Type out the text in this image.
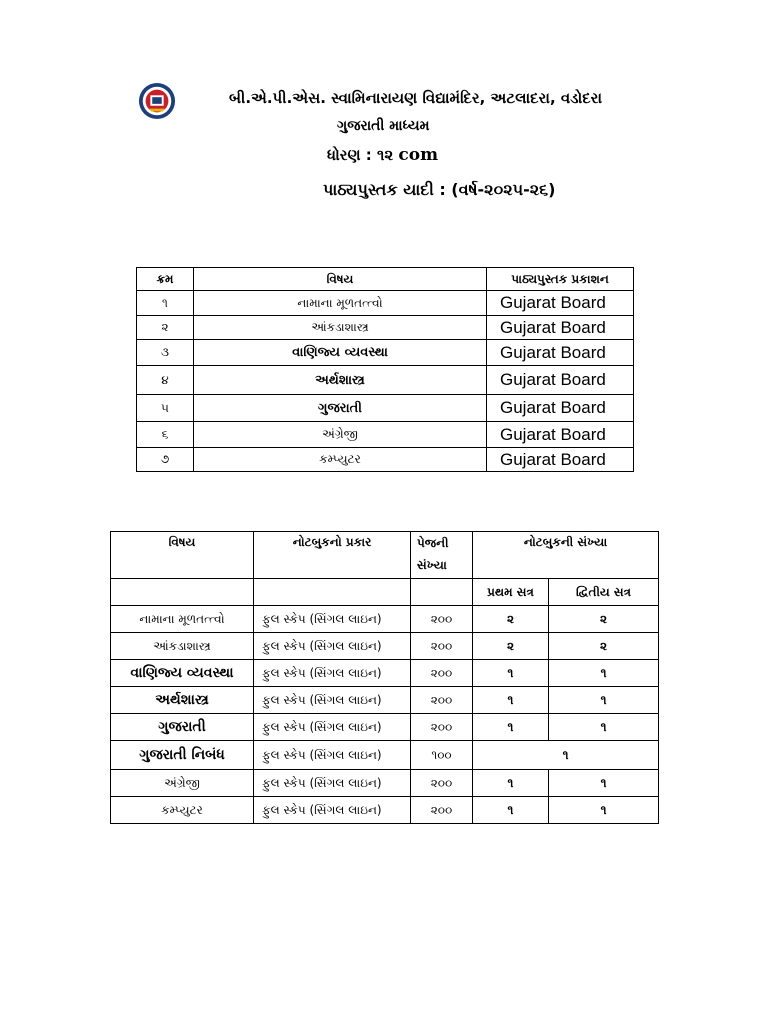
બી.એ.પી.એસ. સ્વામિનારાયણ વિદ્યામંદિર, અટલાદરા, વડોદરા
ગુજરાતી માધ્યમ
ધોરણ : ૧૨ com
પાઠ્યપુસ્તક યાદી : (વર્ષ-૨૦૨૫-૨૬)
ક્રમ	વિષય	પાઠ્યપુસ્તક પ્રકાશન
૧	નામાના મૂળતત્ત્વો	Gujarat Board
૨	આંકડાશાસ્ત્ર	Gujarat Board
૩	વાણિજ્ય વ્યવસ્થા	Gujarat Board
૪	અર્થશાસ્ત્ર	Gujarat Board
૫	ગુજરાતી	Gujarat Board
૬	અંગ્રેજી	Gujarat Board
૭	કમ્પ્યુટર	Gujarat Board
વિષય	નોટબુકનો પ્રકાર	પેજની સંખ્યા	નોટબુકની સંખ્યા	
			પ્રથમ સત્ર	દ્વિતીય સત્ર
નામાના મૂળતત્ત્વો	ફુલ સ્કેપ (સિંગલ લાઇન)	૨૦૦	૨	૨
આંકડાશાસ્ત્ર	ફુલ સ્કેપ (સિંગલ લાઇન)	૨૦૦	૨	૨
વાણિજ્ય વ્યવસ્થા	ફુલ સ્કેપ (સિંગલ લાઇન)	૨૦૦	૧	૧
અર્થશાસ્ત્ર	ફુલ સ્કેપ (સિંગલ લાઇન)	૨૦૦	૧	૧
ગુજરાતી	ફુલ સ્કેપ (સિંગલ લાઇન)	૨૦૦	૧	૧
ગુજરાતી નિબંધ	ફુલ સ્કેપ (સિંગલ લાઇન)	૧૦૦	૧	
અંગ્રેજી	ફુલ સ્કેપ (સિંગલ લાઇન)	૨૦૦	૧	૧
કમ્પ્યુટર	ફુલ સ્કેપ (સિંગલ લાઇન)	૨૦૦	૧	૧
